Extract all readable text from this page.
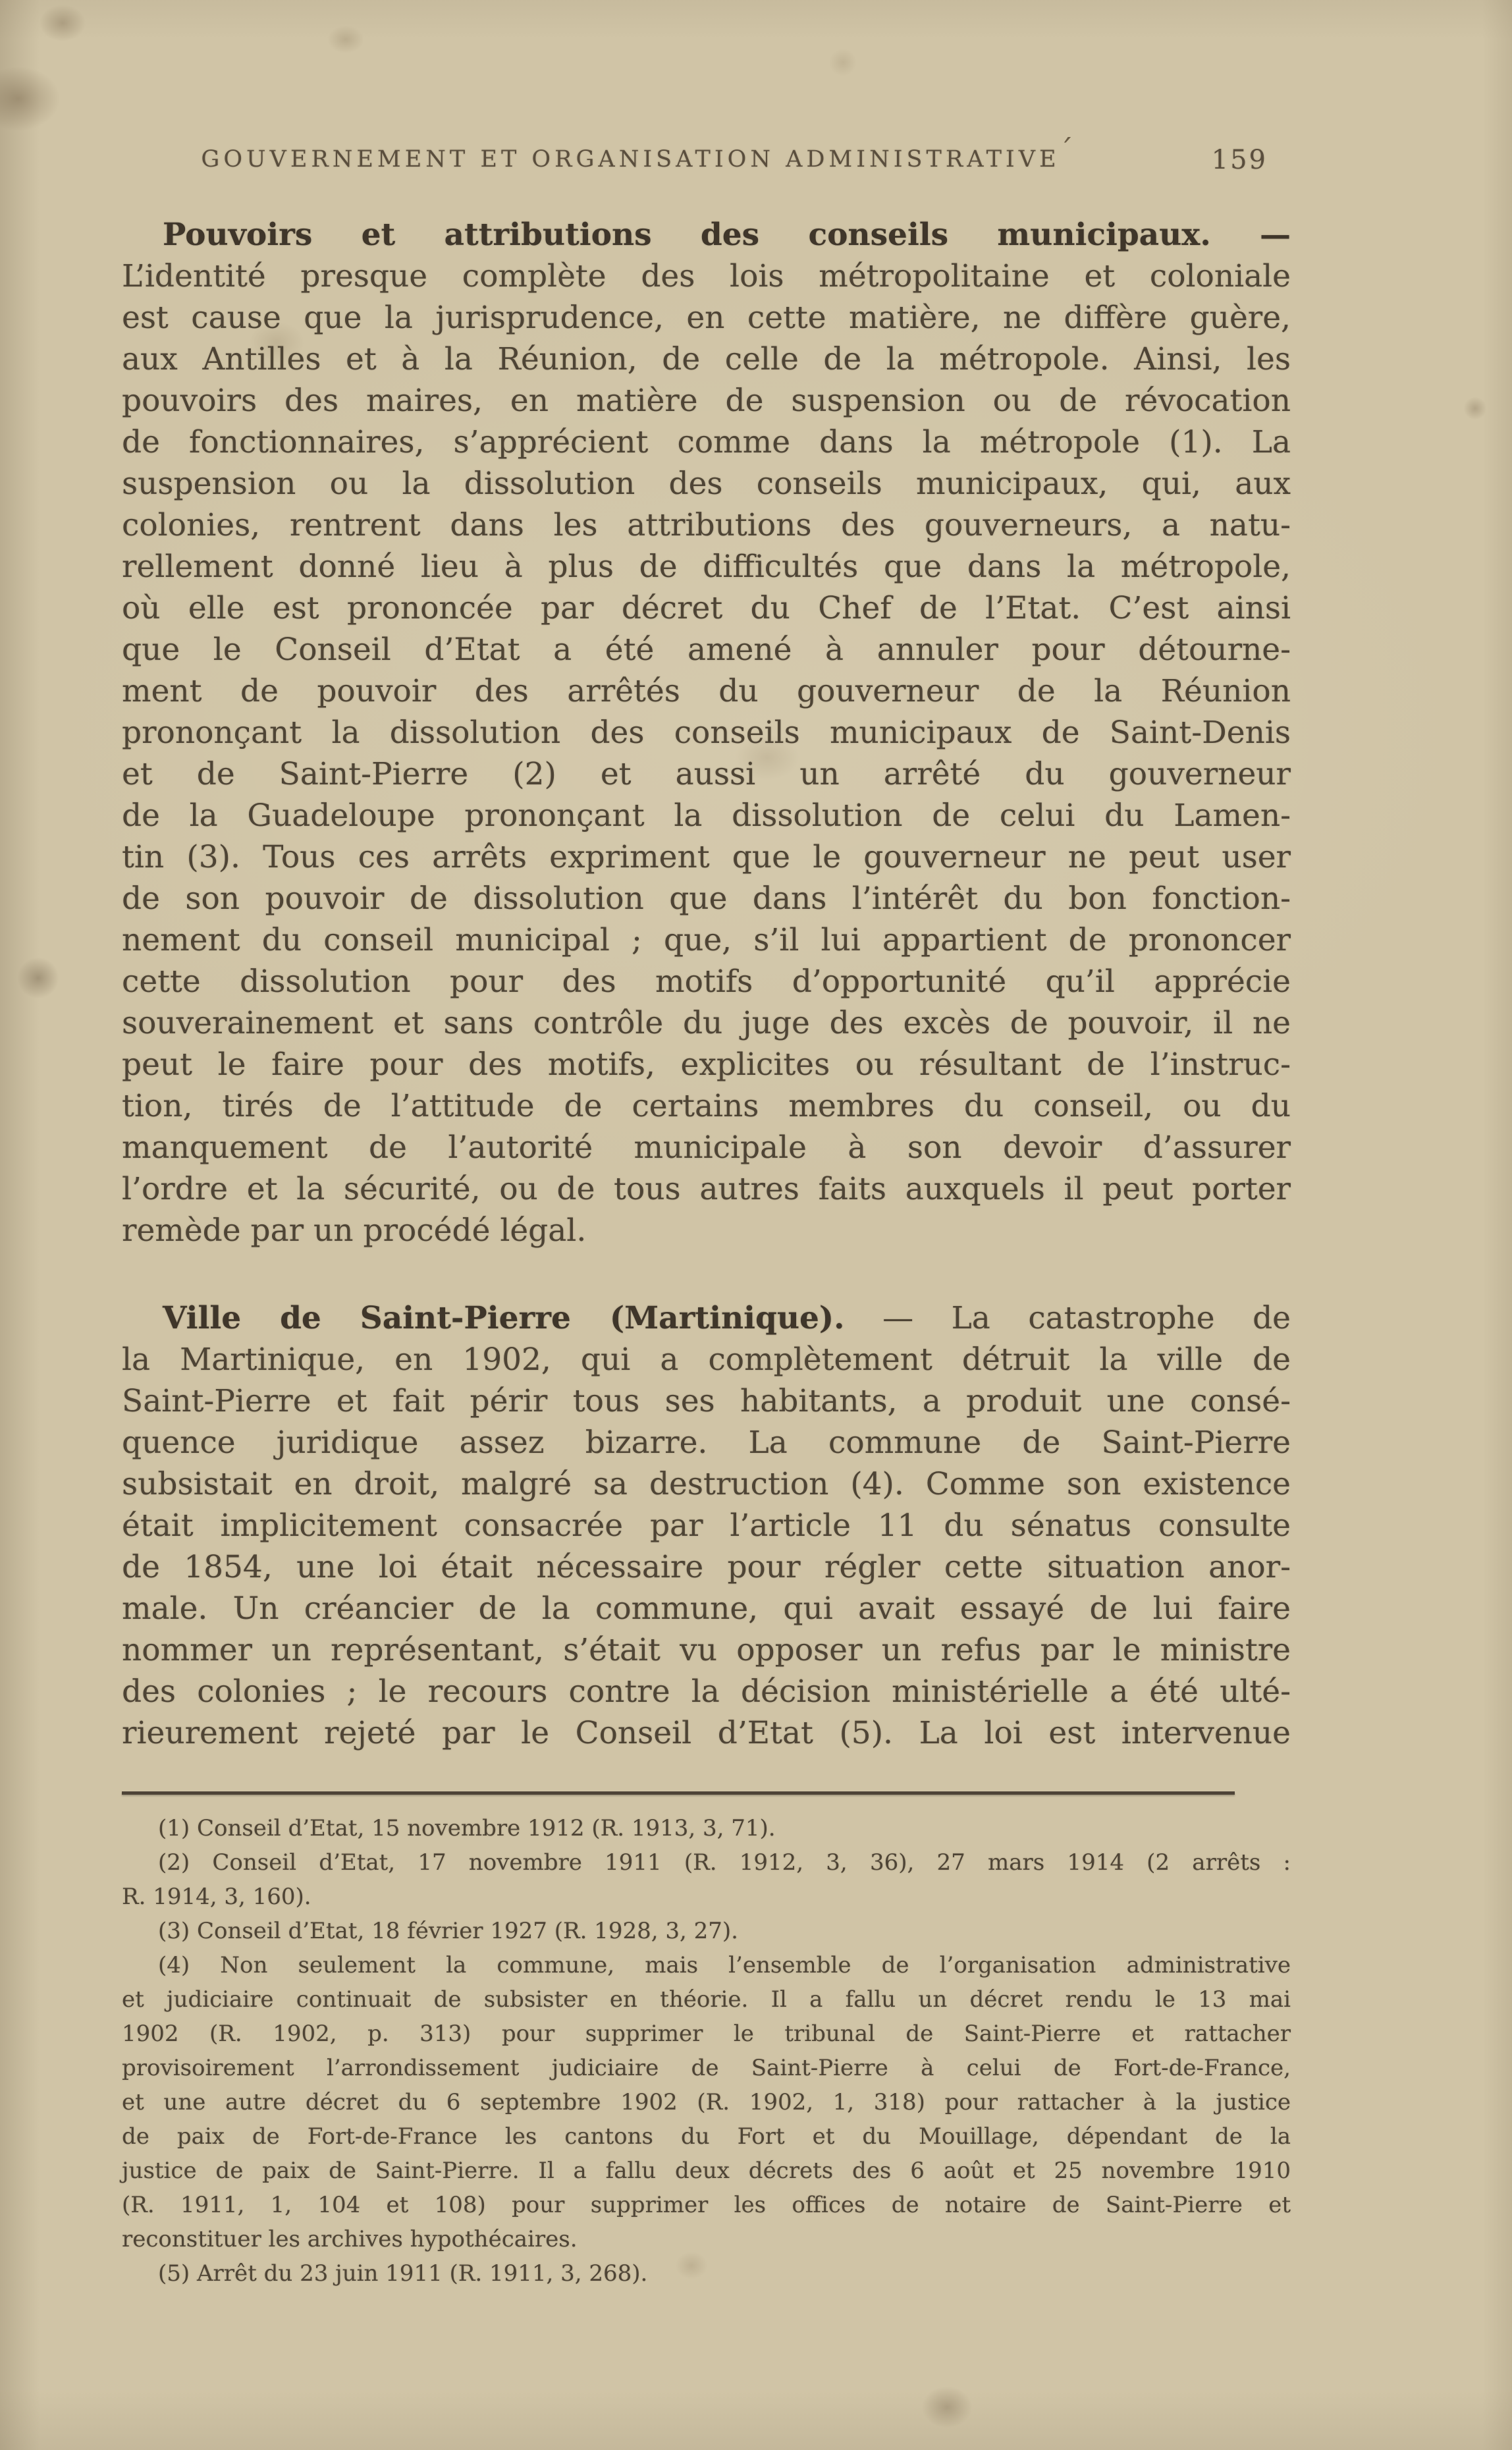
GOUVERNEMENT ET ORGANISATION ADMINISTRATIVE
´	159
Pouvoirs et attributions des conseils municipaux. —
L’identité presque complète des lois métropolitaine et coloniale
est cause que la jurisprudence, en cette matière, ne diffère guère,
aux Antilles et à la Réunion, de celle de la métropole. Ainsi, les
pouvoirs des maires, en matière de suspension ou de révocation
de fonctionnaires, s’apprécient comme dans la métropole (1). La
suspension ou la dissolution des conseils municipaux, qui, aux
colonies, rentrent dans les attributions des gouverneurs, a natu-
rellement donné lieu à plus de difficultés que dans la métropole,
où elle est prononcée par décret du Chef de l’Etat. C’est ainsi
que le Conseil d’Etat a été amené à annuler pour détourne-
ment de pouvoir des arrêtés du gouverneur de la Réunion
prononçant la dissolution des conseils municipaux de Saint-Denis
et de Saint-Pierre (2) et aussi un arrêté du gouverneur
de la Guadeloupe prononçant la dissolution de celui du Lamen-
tin (3). Tous ces arrêts expriment que le gouverneur ne peut user
de son pouvoir de dissolution que dans l’intérêt du bon fonction-
nement du conseil municipal ; que, s’il lui appartient de prononcer
cette dissolution pour des motifs d’opportunité qu’il apprécie
souverainement et sans contrôle du juge des excès de pouvoir, il ne
peut le faire pour des motifs, explicites ou résultant de l’instruc-
tion, tirés de l’attitude de certains membres du conseil, ou du
manquement de l’autorité municipale à son devoir d’assurer
l’ordre et la sécurité, ou de tous autres faits auxquels il peut porter
remède par un procédé légal.
Ville de Saint-Pierre (Martinique). — La catastrophe de
la Martinique, en 1902, qui a complètement détruit la ville de
Saint-Pierre et fait périr tous ses habitants, a produit une consé-
quence juridique assez bizarre. La commune de Saint-Pierre
subsistait en droit, malgré sa destruction (4). Comme son existence
était implicitement consacrée par l’article 11 du sénatus consulte
de 1854, une loi était nécessaire pour régler cette situation anor-
male. Un créancier de la commune, qui avait essayé de lui faire
nommer un représentant, s’était vu opposer un refus par le ministre
des colonies ; le recours contre la décision ministérielle a été ulté-
rieurement rejeté par le Conseil d’Etat (5). La loi est intervenue
(1) Conseil d’Etat, 15 novembre 1912 (R. 1913, 3, 71).
(2) Conseil d’Etat, 17 novembre 1911 (R. 1912, 3, 36), 27 mars 1914 (2 arrêts :
R. 1914, 3, 160).
(3) Conseil d’Etat, 18 février 1927 (R. 1928, 3, 27).
(4) Non seulement la commune, mais l’ensemble de l’organisation administrative
et judiciaire continuait de subsister en théorie. Il a fallu un décret rendu le 13 mai
1902 (R. 1902, p. 313) pour supprimer le tribunal de Saint-Pierre et rattacher
provisoirement l’arrondissement judiciaire de Saint-Pierre à celui de Fort-de-France,
et une autre décret du 6 septembre 1902 (R. 1902, 1, 318) pour rattacher à la justice
de paix de Fort-de-France les cantons du Fort et du Mouillage, dépendant de la
justice de paix de Saint-Pierre. Il a fallu deux décrets des 6 août et 25 novembre 1910
(R. 1911, 1, 104 et 108) pour supprimer les offices de notaire de Saint-Pierre et
reconstituer les archives hypothécaires.
(5) Arrêt du 23 juin 1911 (R. 1911, 3, 268).
